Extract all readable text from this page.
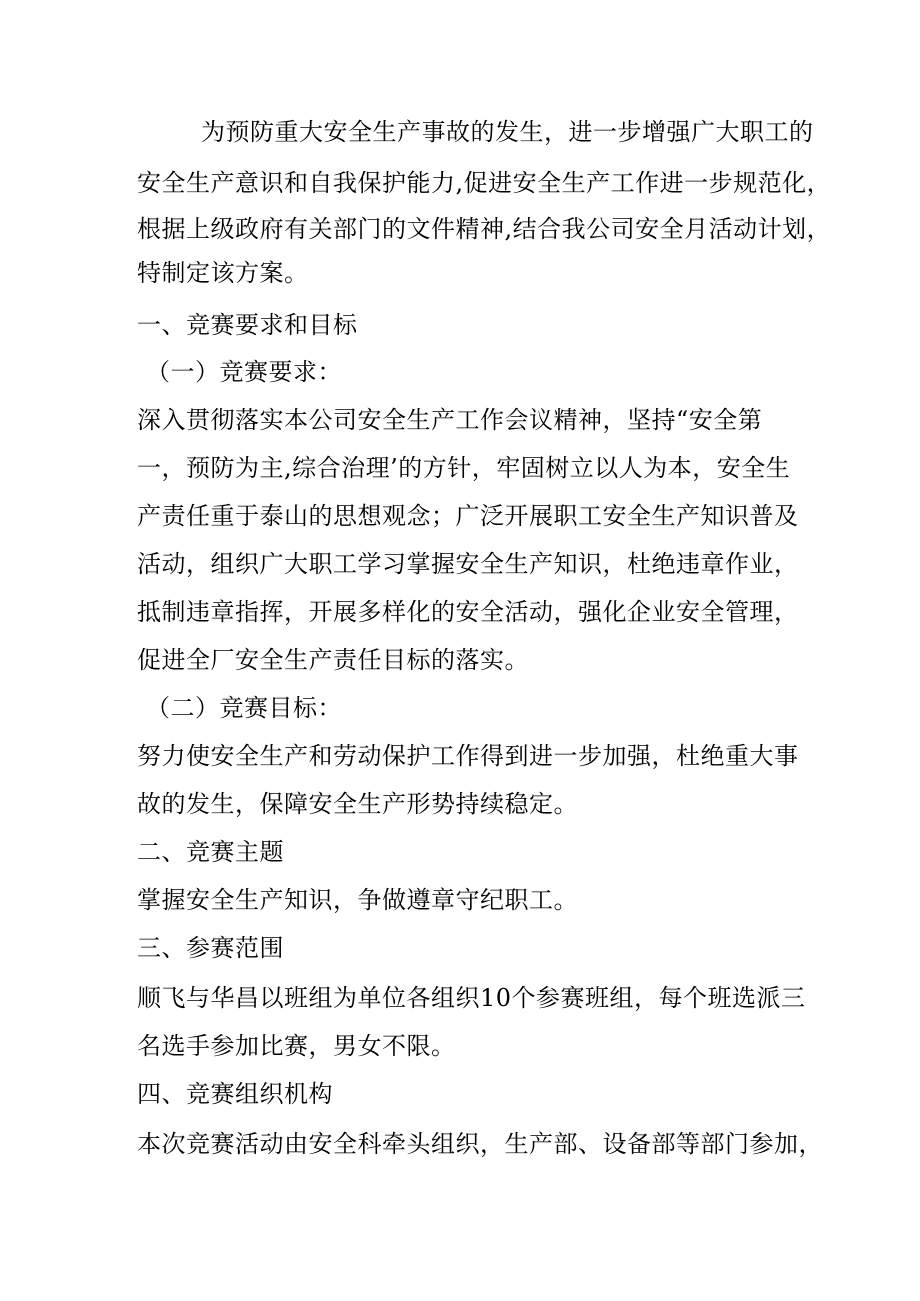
为预防重大安全生产事故的发生，进一步增强广大职工的
安全生产意识和自我保护能力,促进安全生产工作进一步规范化，
根据上级政府有关部门的文件精神,结合我公司安全月活动计划，
特制定该方案。
一、竞赛要求和目标
（一）竞赛要求：
深入贯彻落实本公司安全生产工作会议精神，坚持“安全第
一，预防为主,综合治理’的方针，牢固树立以人为本，安全生
产责任重于泰山的思想观念；广泛开展职工安全生产知识普及
活动，组织广大职工学习掌握安全生产知识，杜绝违章作业，
抵制违章指挥，开展多样化的安全活动，强化企业安全管理，
促进全厂安全生产责任目标的落实。
（二）竞赛目标：
努力使安全生产和劳动保护工作得到进一步加强，杜绝重大事
故的发生，保障安全生产形势持续稳定。
二、竞赛主题
掌握安全生产知识，争做遵章守纪职工。
三、参赛范围
顺飞与华昌以班组为单位各组织10个参赛班组，每个班选派三
名选手参加比赛，男女不限。
四、竞赛组织机构
本次竞赛活动由安全科牵头组织，生产部、设备部等部门参加，
